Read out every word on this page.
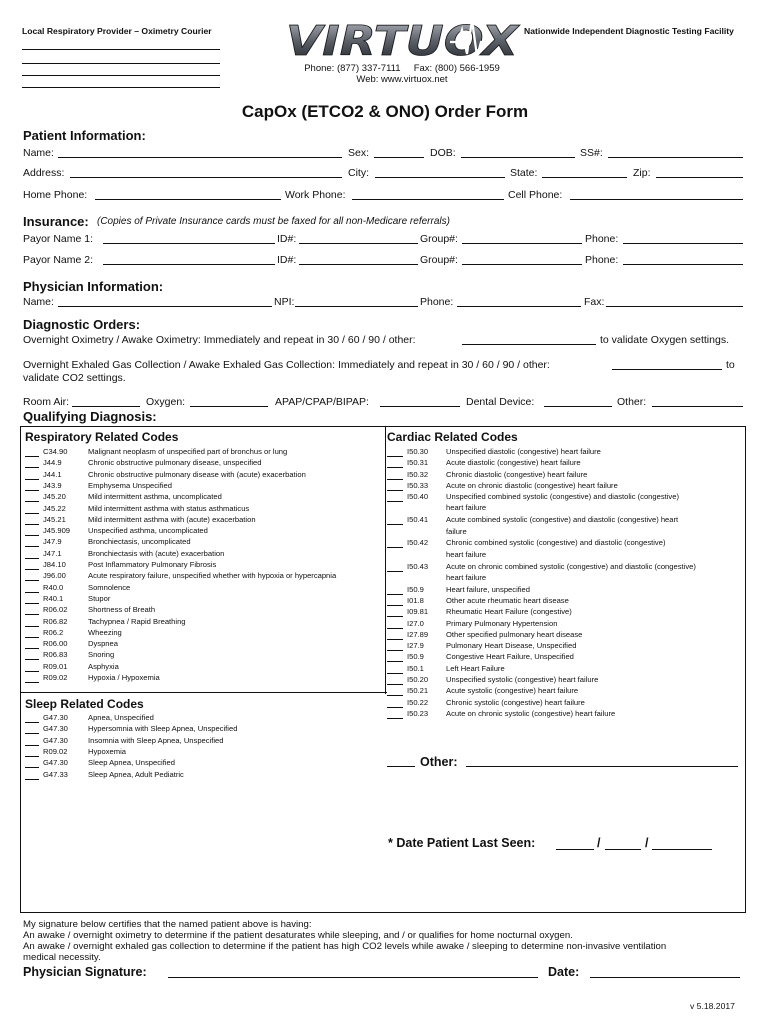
Local Respiratory Provider – Oximetry Courier VIRTUOX Nationwide Independent Diagnostic Testing Facility
Phone: (877) 337-7111     Fax: (800) 566-1959
Web: www.virtuox.net
CapOx (ETCO2 & ONO) Order Form
Patient Information:
Name:	Sex:	DOB:	SS#:
Address:	City:	State:	Zip:
Home Phone:	Work Phone:	Cell Phone:
Insurance: (Copies of Private Insurance cards must be faxed for all non-Medicare referrals)
Payor Name 1:	ID#:	Group#:	Phone:
Payor Name 2:	ID#:	Group#:	Phone:
Physician Information:
Name:	NPI:	Phone:	Fax:
Diagnostic Orders:
Overnight Oximetry / Awake Oximetry: Immediately and repeat in 30 / 60 / 90 / other:	to validate Oxygen settings.
Overnight Exhaled Gas Collection / Awake Exhaled Gas Collection: Immediately and repeat in 30 / 60 / 90 / other:	to
validate CO2 settings.
Room Air:	Oxygen:	APAP/CPAP/BIPAP:	Dental Device:	Other:
Qualifying Diagnosis:
Respiratory Related Codes
C34.90	Malignant neoplasm of unspecified part of bronchus or lung
J44.9	Chronic obstructive pulmonary disease, unspecified
J44.1	Chronic obstructive pulmonary disease with (acute) exacerbation
J43.9	Emphysema Unspecified
J45.20	Mild intermittent asthma, uncomplicated
J45.22	Mild intermittent asthma with status asthmaticus
J45.21	Mild intermittent asthma with (acute) exacerbation
J45.909 Unspecified asthma, uncomplicated
J47.9	Bronchiectasis, uncomplicated
J47.1	Bronchiectasis with (acute) exacerbation
J84.10	Post Inflammatory Pulmonary Fibrosis
J96.00	Acute respiratory failure, unspecified whether with hypoxia or hypercapnia
R40.0	Somnolence
R40.1	Stupor
R06.02	Shortness of Breath
R06.82	Tachypnea / Rapid Breathing
R06.2	Wheezing
R06.00	Dyspnea
R06.83	Snoring
R09.01	Asphyxia
R09.02	Hypoxia / Hypoxemia
Sleep Related Codes
G47.30	Apnea, Unspecified
G47.30	Hypersomnia with Sleep Apnea, Unspecified
G47.30	Insomnia with Sleep Apnea, Unspecified
R09.02	Hypoxemia
G47.30	Sleep Apnea, Unspecified
G47.33	Sleep Apnea, Adult Pediatric
Cardiac Related Codes
I50.30 Unspecified diastolic (congestive) heart failure
I50.31 Acute diastolic (congestive) heart failure
I50.32 Chronic diastolic (congestive) heart failure
I50.33 Acute on chronic diastolic (congestive) heart failure
I50.40 Unspecified combined systolic (congestive) and diastolic (congestive)
heart failure
I50.41 Acute combined systolic (congestive) and diastolic (congestive) heart
failure
I50.42 Chronic combined systolic (congestive) and diastolic (congestive)
heart failure
I50.43 Acute on chronic combined systolic (congestive) and diastolic (congestive)
heart failure
I50.9	Heart failure, unspecified
I01.8	Other acute rheumatic heart disease
I09.81 Rheumatic Heart Failure (congestive)
I27.0	Primary Pulmonary Hypertension
I27.89 Other specified pulmonary heart disease
I27.9	Pulmonary Heart Disease, Unspecified
I50.9	Congestive Heart Failure, Unspecified
I50.1	Left Heart Failure
I50.20 Unspecified systolic (congestive) heart failure
I50.21 Acute systolic (congestive) heart failure
I50.22 Chronic systolic (congestive) heart failure
I50.23 Acute on chronic systolic (congestive) heart failure
Other:
* Date Patient Last Seen:	/	/
My signature below certifies that the named patient above is having:
An awake / overnight oximetry to determine if the patient desaturates while sleeping, and / or qualifies for home nocturnal oxygen.
An awake / overnight exhaled gas collection to determine if the patient has high CO2 levels while awake / sleeping to determine non-invasive ventilation
medical necessity.
Physician Signature:	Date:
v 5.18.2017
